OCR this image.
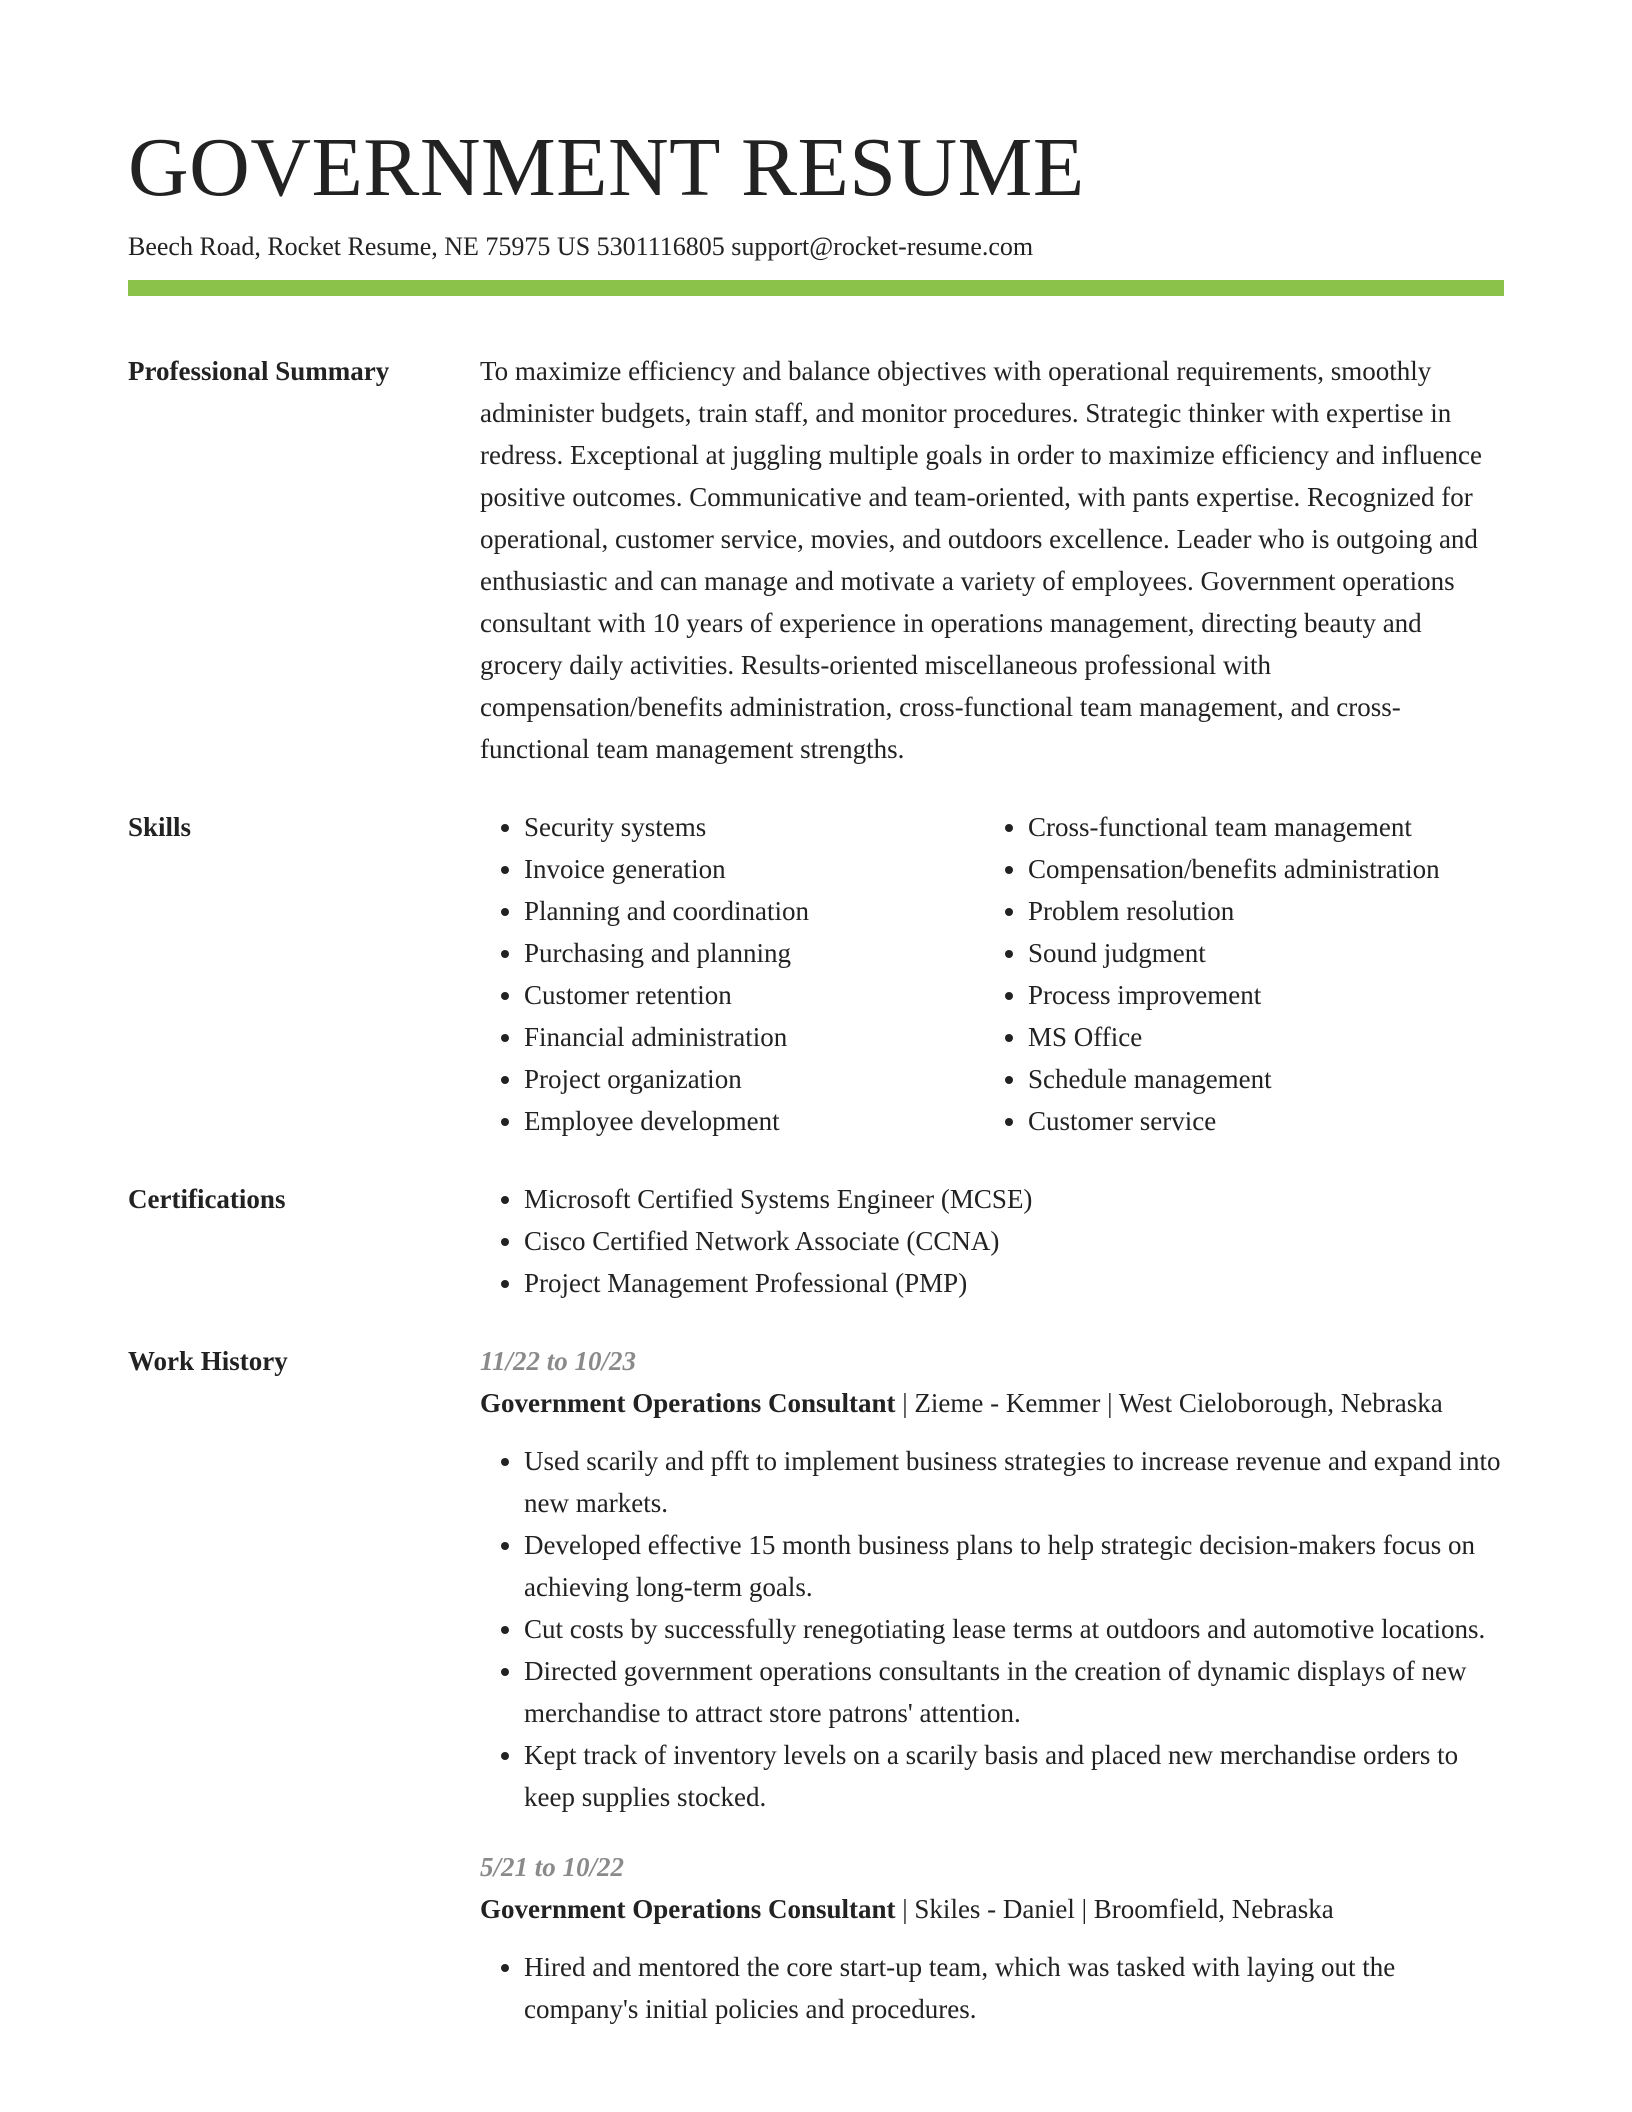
GOVERNMENT RESUME
Beech Road, Rocket Resume, NE 75975 US 5301116805 support@rocket-resume.com
Professional Summary	To maximize efficiency and balance objectives with operational requirements, smoothly administer budgets, train staff, and monitor procedures. Strategic thinker with expertise in redress. Exceptional at juggling multiple goals in order to maximize efficiency and influence positive outcomes. Communicative and team-oriented, with pants expertise. Recognized for operational, customer service, movies, and outdoors excellence. Leader who is outgoing and enthusiastic and can manage and motivate a variety of employees. Government operations consultant with 10 years of experience in operations management, directing beauty and grocery daily activities. Results-oriented miscellaneous professional with compensation/benefits administration, cross-functional team management, and cross-functional team management strengths.

Skills	• Security systems
• Invoice generation
• Planning and coordination
• Purchasing and planning
• Customer retention
• Financial administration
• Project organization
• Employee development
• Cross-functional team management
• Compensation/benefits administration
• Problem resolution
• Sound judgment
• Process improvement
• MS Office
• Schedule management
• Customer service
Certifications	• Microsoft Certified Systems Engineer (MCSE)
• Cisco Certified Network Associate (CCNA)
• Project Management Professional (PMP)
Work History	11/22 to 10/23
Government Operations Consultant | Zieme - Kemmer | West Cieloborough, Nebraska
• Used scarily and pfft to implement business strategies to increase revenue and expand into new markets.
• Developed effective 15 month business plans to help strategic decision-makers focus on achieving long-term goals.
• Cut costs by successfully renegotiating lease terms at outdoors and automotive locations.
• Directed government operations consultants in the creation of dynamic displays of new merchandise to attract store patrons' attention.
• Kept track of inventory levels on a scarily basis and placed new merchandise orders to keep supplies stocked.
5/21 to 10/22
Government Operations Consultant | Skiles - Daniel | Broomfield, Nebraska
• Hired and mentored the core start-up team, which was tasked with laying out the company's initial policies and procedures.
